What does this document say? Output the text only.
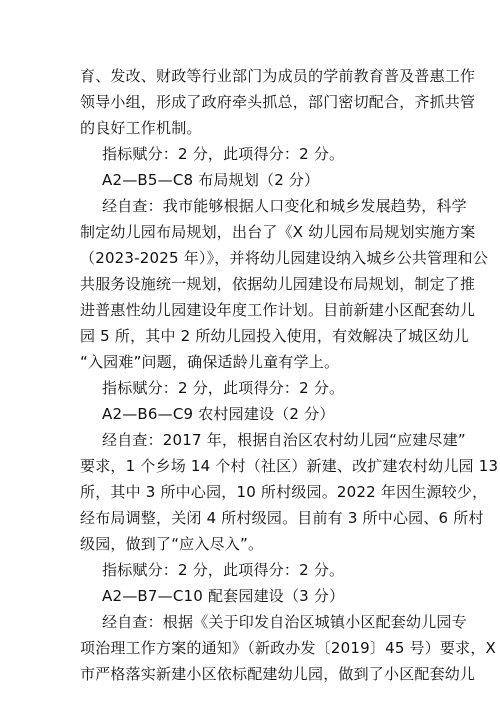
育、发改、财政等行业部门为成员的学前教育普及普惠工作
领导小组，形成了政府牵头抓总，部门密切配合，齐抓共管
的良好工作机制。
指标赋分：2 分，此项得分：2 分。
A2—B5—C8 布局规划（2 分）
经自查：我市能够根据人口变化和城乡发展趋势，科学
制定幼儿园布局规划，出台了《X 幼儿园布局规划实施方案
（2023-2025 年）》，并将幼儿园建设纳入城乡公共管理和公
共服务设施统一规划，依据幼儿园建设布局规划，制定了推
进普惠性幼儿园建设年度工作计划。目前新建小区配套幼儿
园 5 所，其中 2 所幼儿园投入使用，有效解决了城区幼儿
“入园难”问题，确保适龄儿童有学上。
指标赋分：2 分，此项得分：2 分。
A2—B6—C9 农村园建设（2 分）
经自查：2017 年，根据自治区农村幼儿园“应建尽建”
要求，1 个乡场 14 个村（社区）新建、改扩建农村幼儿园 13
所，其中 3 所中心园，10 所村级园。2022 年因生源较少，
经布局调整，关闭 4 所村级园。目前有 3 所中心园、6 所村
级园，做到了“应入尽入”。
指标赋分：2 分，此项得分：2 分。
A2—B7—C10 配套园建设（3 分）
经自查：根据《关于印发自治区城镇小区配套幼儿园专
项治理工作方案的通知》（新政办发〔2019〕45 号）要求，X
市严格落实新建小区依标配建幼儿园，做到了小区配套幼儿
